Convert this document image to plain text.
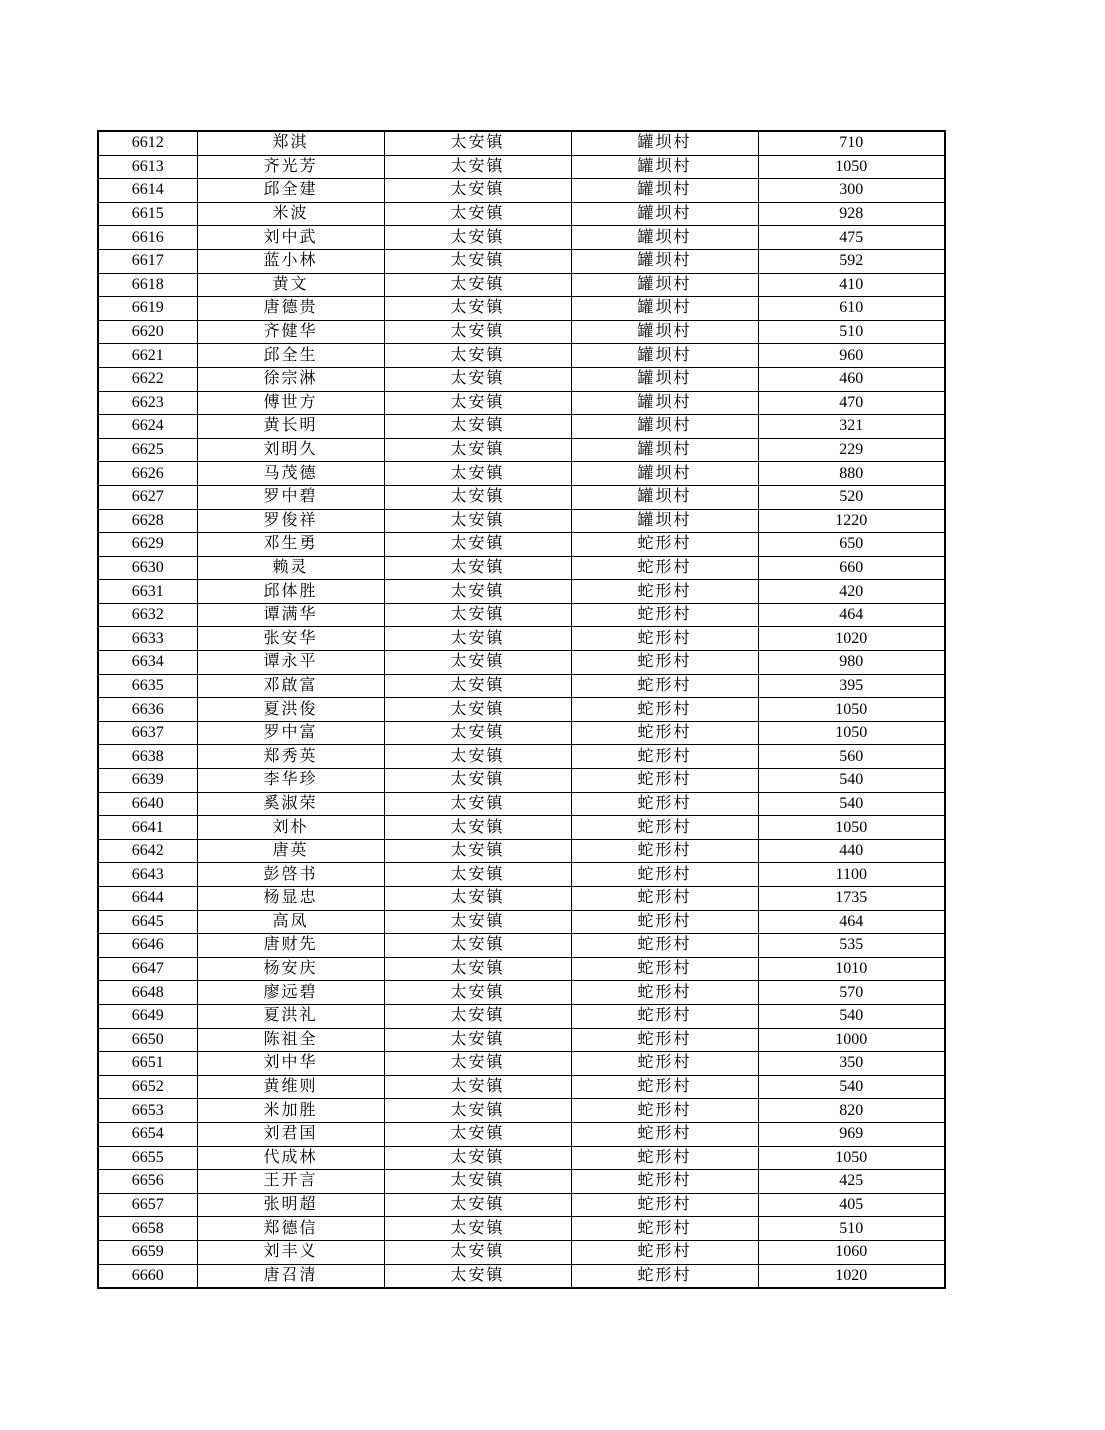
6612	郑淇	太安镇	罐坝村	710
6613	齐光芳	太安镇	罐坝村	1050
6614	邱全建	太安镇	罐坝村	300
6615	米波	太安镇	罐坝村	928
6616	刘中武	太安镇	罐坝村	475
6617	蓝小林	太安镇	罐坝村	592
6618	黄文	太安镇	罐坝村	410
6619	唐德贵	太安镇	罐坝村	610
6620	齐健华	太安镇	罐坝村	510
6621	邱全生	太安镇	罐坝村	960
6622	徐宗淋	太安镇	罐坝村	460
6623	傅世方	太安镇	罐坝村	470
6624	黄长明	太安镇	罐坝村	321
6625	刘明久	太安镇	罐坝村	229
6626	马茂德	太安镇	罐坝村	880
6627	罗中碧	太安镇	罐坝村	520
6628	罗俊祥	太安镇	罐坝村	1220
6629	邓生勇	太安镇	蛇形村	650
6630	赖灵	太安镇	蛇形村	660
6631	邱体胜	太安镇	蛇形村	420
6632	谭满华	太安镇	蛇形村	464
6633	张安华	太安镇	蛇形村	1020
6634	谭永平	太安镇	蛇形村	980
6635	邓啟富	太安镇	蛇形村	395
6636	夏洪俊	太安镇	蛇形村	1050
6637	罗中富	太安镇	蛇形村	1050
6638	郑秀英	太安镇	蛇形村	560
6639	李华珍	太安镇	蛇形村	540
6640	奚淑荣	太安镇	蛇形村	540
6641	刘朴	太安镇	蛇形村	1050
6642	唐英	太安镇	蛇形村	440
6643	彭啓书	太安镇	蛇形村	1100
6644	杨显忠	太安镇	蛇形村	1735
6645	高凤	太安镇	蛇形村	464
6646	唐财先	太安镇	蛇形村	535
6647	杨安庆	太安镇	蛇形村	1010
6648	廖远碧	太安镇	蛇形村	570
6649	夏洪礼	太安镇	蛇形村	540
6650	陈祖全	太安镇	蛇形村	1000
6651	刘中华	太安镇	蛇形村	350
6652	黄维则	太安镇	蛇形村	540
6653	米加胜	太安镇	蛇形村	820
6654	刘君国	太安镇	蛇形村	969
6655	代成林	太安镇	蛇形村	1050
6656	王开言	太安镇	蛇形村	425
6657	张明超	太安镇	蛇形村	405
6658	郑德信	太安镇	蛇形村	510
6659	刘丰义	太安镇	蛇形村	1060
6660	唐召清	太安镇	蛇形村	1020
